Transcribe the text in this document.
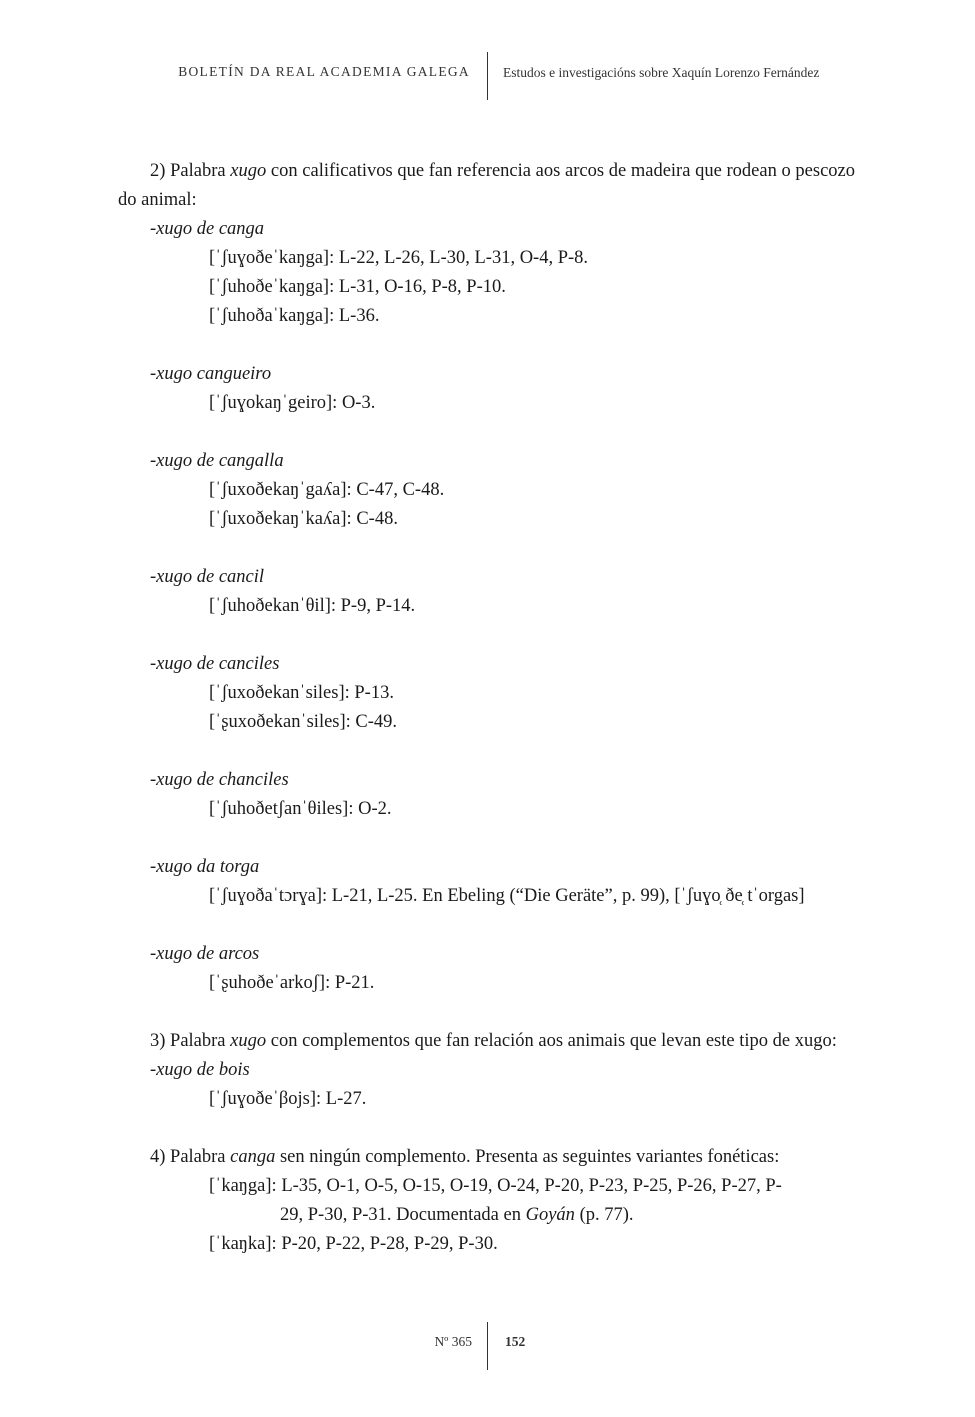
BOLETÍN DA REAL ACADEMIA GALEGA Estudos e investigacións sobre Xaquín Lorenzo Fernández

2) Palabra xugo con calificativos que fan referencia aos arcos de madeira que rodean o pescozo do animal:

-xugo de canga

[ˈʃuɣoðeˈkaŋga]: L-22, L-26, L-30, L-31, O-4, P-8.

[ˈʃuhoðeˈkaŋga]: L-31, O-16, P-8, P-10.

[ˈʃuhoðaˈkaŋga]: L-36.

-xugo cangueiro

[ˈʃuɣokaŋˈgeiro]: O-3.

-xugo de cangalla

[ˈʃuxoðekaŋˈgaʎa]: C-47, C-48.

[ˈʃuxoðekaŋˈkaʎa]: C-48.

-xugo de cancil

[ˈʃuhoðekanˈθil]: P-9, P-14.

-xugo de canciles

[ˈʃuxoðekanˈsiles]: P-13.

[ˈʂuxoðekanˈsiles]: C-49.

-xugo de chanciles

[ˈʃuhoðetʃanˈθiles]: O-2.

-xugo da torga

[ˈʃuɣoðaˈtɔrɣa]: L-21, L-25. En Ebeling (“Die Geräte”, p. 99), [ˈʃuɣo̜ ðe̜ tˈorgas]

-xugo de arcos

[ˈʂuhoðeˈarkoʃ]: P-21.

3) Palabra xugo con complementos que fan relación aos animais que levan este tipo de xugo:

-xugo de bois

[ˈʃuɣoðeˈβojs]: L-27.

4) Palabra canga sen ningún complemento. Presenta as seguintes variantes fonéticas:

[ˈkaŋga]: L-35, O-1, O-5, O-15, O-19, O-24, P-20, P-23, P-25, P-26, P-27, P-

29, P-30, P-31. Documentada en Goyán (p. 77).

[ˈkaŋka]: P-20, P-22, P-28, P-29, P-30.

Nº 365 152
